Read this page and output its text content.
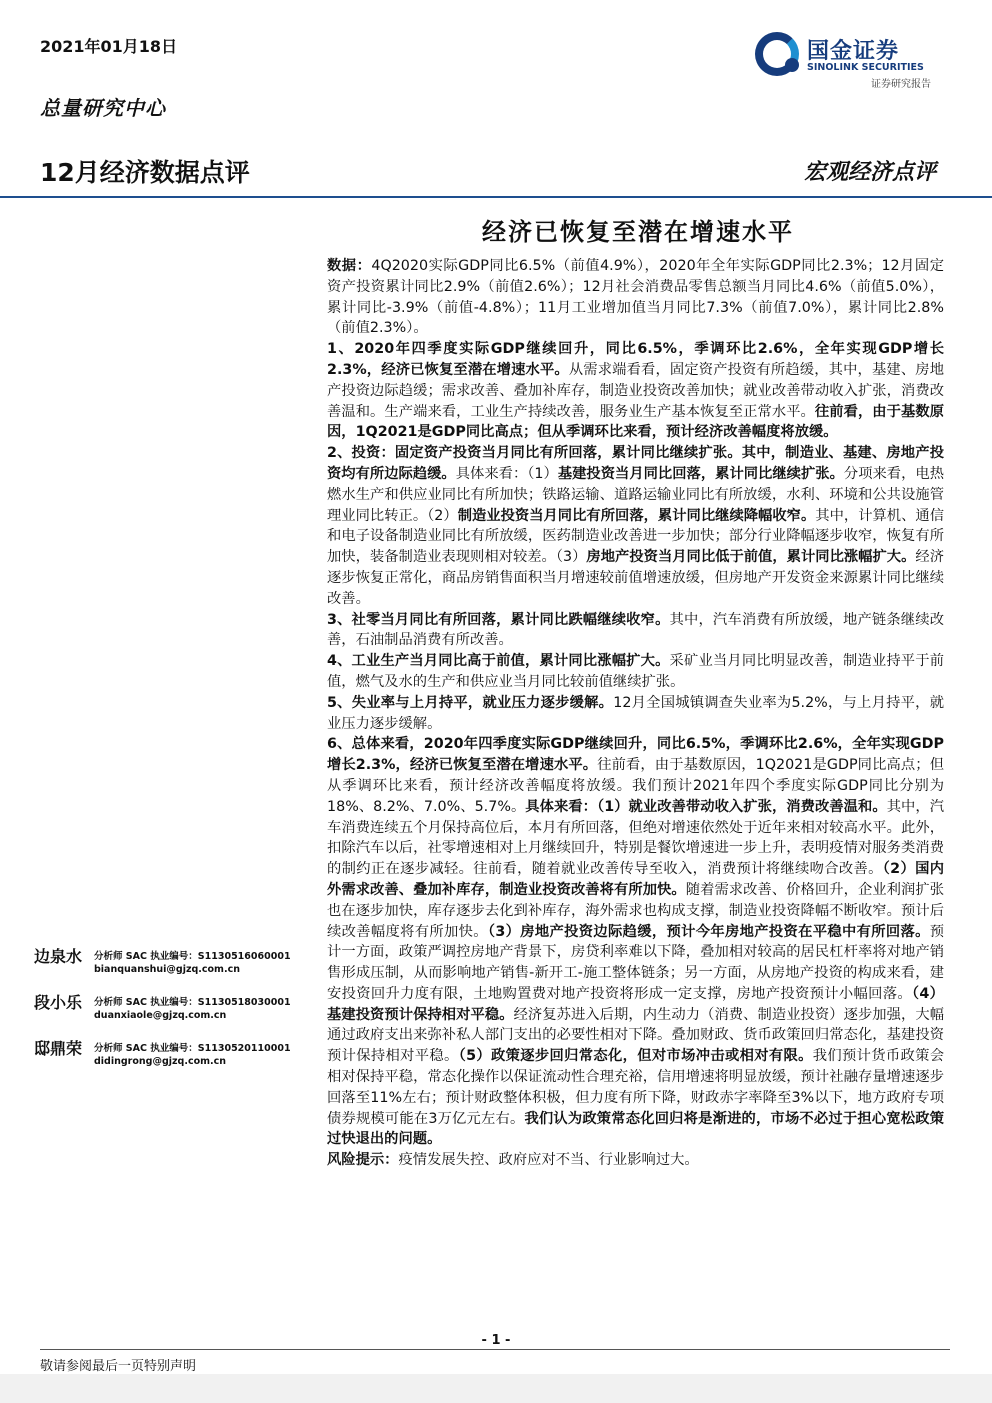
2021年01月18日
总量研究中心
国金证券
SINOLINK SECURITIES
证券研究报告
12月经济数据点评	宏观经济点评
经济已恢复至潜在增速水平

数据：4Q2020实际GDP同比6.5%（前值4.9%），2020年全年实际GDP同比2.3%；12月固定资产投资累计同比2.9%（前值2.6%）；12月社会消费品零售总额当月同比4.6%（前值5.0%），累计同比-3.9%（前值-4.8%）；11月工业增加值当月同比7.3%（前值7.0%），累计同比2.8%（前值2.3%）。

1、2020年四季度实际GDP继续回升，同比6.5%，季调环比2.6%，全年实现GDP增长2.3%，经济已恢复至潜在增速水平。从需求端看看，固定资产投资有所趋缓，其中，基建、房地产投资边际趋缓；需求改善、叠加补库存，制造业投资改善加快；就业改善带动收入扩张，消费改善温和。生产端来看，工业生产持续改善，服务业生产基本恢复至正常水平。往前看，由于基数原因，1Q2021是GDP同比高点；但从季调环比来看，预计经济改善幅度将放缓。

2、投资：固定资产投资当月同比有所回落，累计同比继续扩张。其中，制造业、基建、房地产投资均有所边际趋缓。具体来看：（1）基建投资当月同比回落，累计同比继续扩张。分项来看，电热燃水生产和供应业同比有所加快；铁路运输、道路运输业同比有所放缓，水利、环境和公共设施管理业同比转正。（2）制造业投资当月同比有所回落，累计同比继续降幅收窄。其中，计算机、通信和电子设备制造业同比有所放缓，医药制造业改善进一步加快；部分行业降幅逐步收窄，恢复有所加快，装备制造业表现则相对较差。（3）房地产投资当月同比低于前值，累计同比涨幅扩大。经济逐步恢复正常化，商品房销售面积当月增速较前值增速放缓，但房地产开发资金来源累计同比继续改善。

3、社零当月同比有所回落，累计同比跌幅继续收窄。其中，汽车消费有所放缓，地产链条继续改善，石油制品消费有所改善。

4、工业生产当月同比高于前值，累计同比涨幅扩大。采矿业当月同比明显改善，制造业持平于前值，燃气及水的生产和供应业当月同比较前值继续扩张。

5、失业率与上月持平，就业压力逐步缓解。12月全国城镇调查失业率为5.2%，与上月持平，就业压力逐步缓解。

6、总体来看，2020年四季度实际GDP继续回升，同比6.5%，季调环比2.6%，全年实现GDP增长2.3%，经济已恢复至潜在增速水平。往前看，由于基数原因，1Q2021是GDP同比高点；但从季调环比来看，预计经济改善幅度将放缓。我们预计2021年四个季度实际GDP同比分别为18%、8.2%、7.0%、5.7%。具体来看：（1）就业改善带动收入扩张，消费改善温和。其中，汽车消费连续五个月保持高位后，本月有所回落，但绝对增速依然处于近年来相对较高水平。此外，扣除汽车以后，社零增速相对上月继续回升，特别是餐饮增速进一步上升，表明疫情对服务类消费的制约正在逐步减轻。往前看，随着就业改善传导至收入，消费预计将继续吻合改善。（2）国内外需求改善、叠加补库存，制造业投资改善将有所加快。随着需求改善、价格回升，企业利润扩张也在逐步加快，库存逐步去化到补库存，海外需求也构成支撑，制造业投资降幅不断收窄。预计后续改善幅度将有所加快。（3）房地产投资边际趋缓，预计今年房地产投资在平稳中有所回落。预计一方面，政策严调控房地产背景下，房贷利率难以下降，叠加相对较高的居民杠杆率将对地产销售形成压制，从而影响地产销售-新开工-施工整体链条；另一方面，从房地产投资的构成来看，建安投资回升力度有限，土地购置费对地产投资将形成一定支撑，房地产投资预计小幅回落。（4）基建投资预计保持相对平稳。经济复苏进入后期，内生动力（消费、制造业投资）逐步加强，大幅通过政府支出来弥补私人部门支出的必要性相对下降。叠加财政、货币政策回归常态化，基建投资预计保持相对平稳。（5）政策逐步回归常态化，但对市场冲击或相对有限。我们预计货币政策会相对保持平稳，常态化操作以保证流动性合理充裕，信用增速将明显放缓，预计社融存量增速逐步回落至11%左右；预计财政整体积极，但力度有所下降，财政赤字率降至3%以下，地方政府专项债券规模可能在3万亿元左右。我们认为政策常态化回归将是渐进的，市场不必过于担心宽松政策过快退出的问题。

风险提示：疫情发展失控、政府应对不当、行业影响过大。

边泉水 分析师 SAC 执业编号：S1130516060001
bianquanshui@gjzq.com.cn
段小乐 分析师 SAC 执业编号：S1130518030001
duanxiaole@gjzq.com.cn
邸鼎荣 分析师 SAC 执业编号：S1130520110001
didingrong@gjzq.com.cn
- 1 -
敬请参阅最后一页特别声明
